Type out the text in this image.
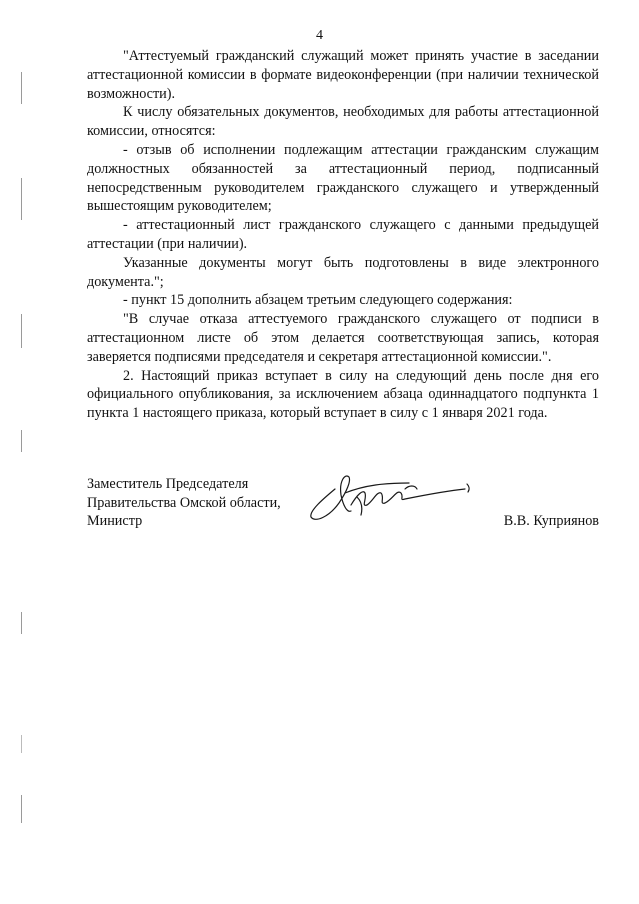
4

"Аттестуемый гражданский служащий может принять участие в заседании аттестационной комиссии в формате видеоконференции (при наличии технической возможности).

К числу обязательных документов, необходимых для работы аттестационной комиссии, относятся:

- отзыв об исполнении подлежащим аттестации гражданским служащим должностных обязанностей за аттестационный период, подписанный непосредственным руководителем гражданского служащего и утвержденный вышестоящим руководителем;

- аттестационный лист гражданского служащего с данными предыдущей аттестации (при наличии).

Указанные документы могут быть подготовлены в виде электронного документа.";

- пункт 15 дополнить абзацем третьим следующего содержания:

"В случае отказа аттестуемого гражданского служащего от подписи в аттестационном листе об этом делается соответствующая запись, которая заверяется подписями председателя и секретаря аттестационной комиссии.".

2. Настоящий приказ вступает в силу на следующий день после дня его официального опубликования, за исключением абзаца одиннадцатого подпункта 1 пункта 1 настоящего приказа, который вступает в силу с 1 января 2021 года.

Заместитель Председателя
Правительства Омской области,
Министр	В.В. Куприянов
